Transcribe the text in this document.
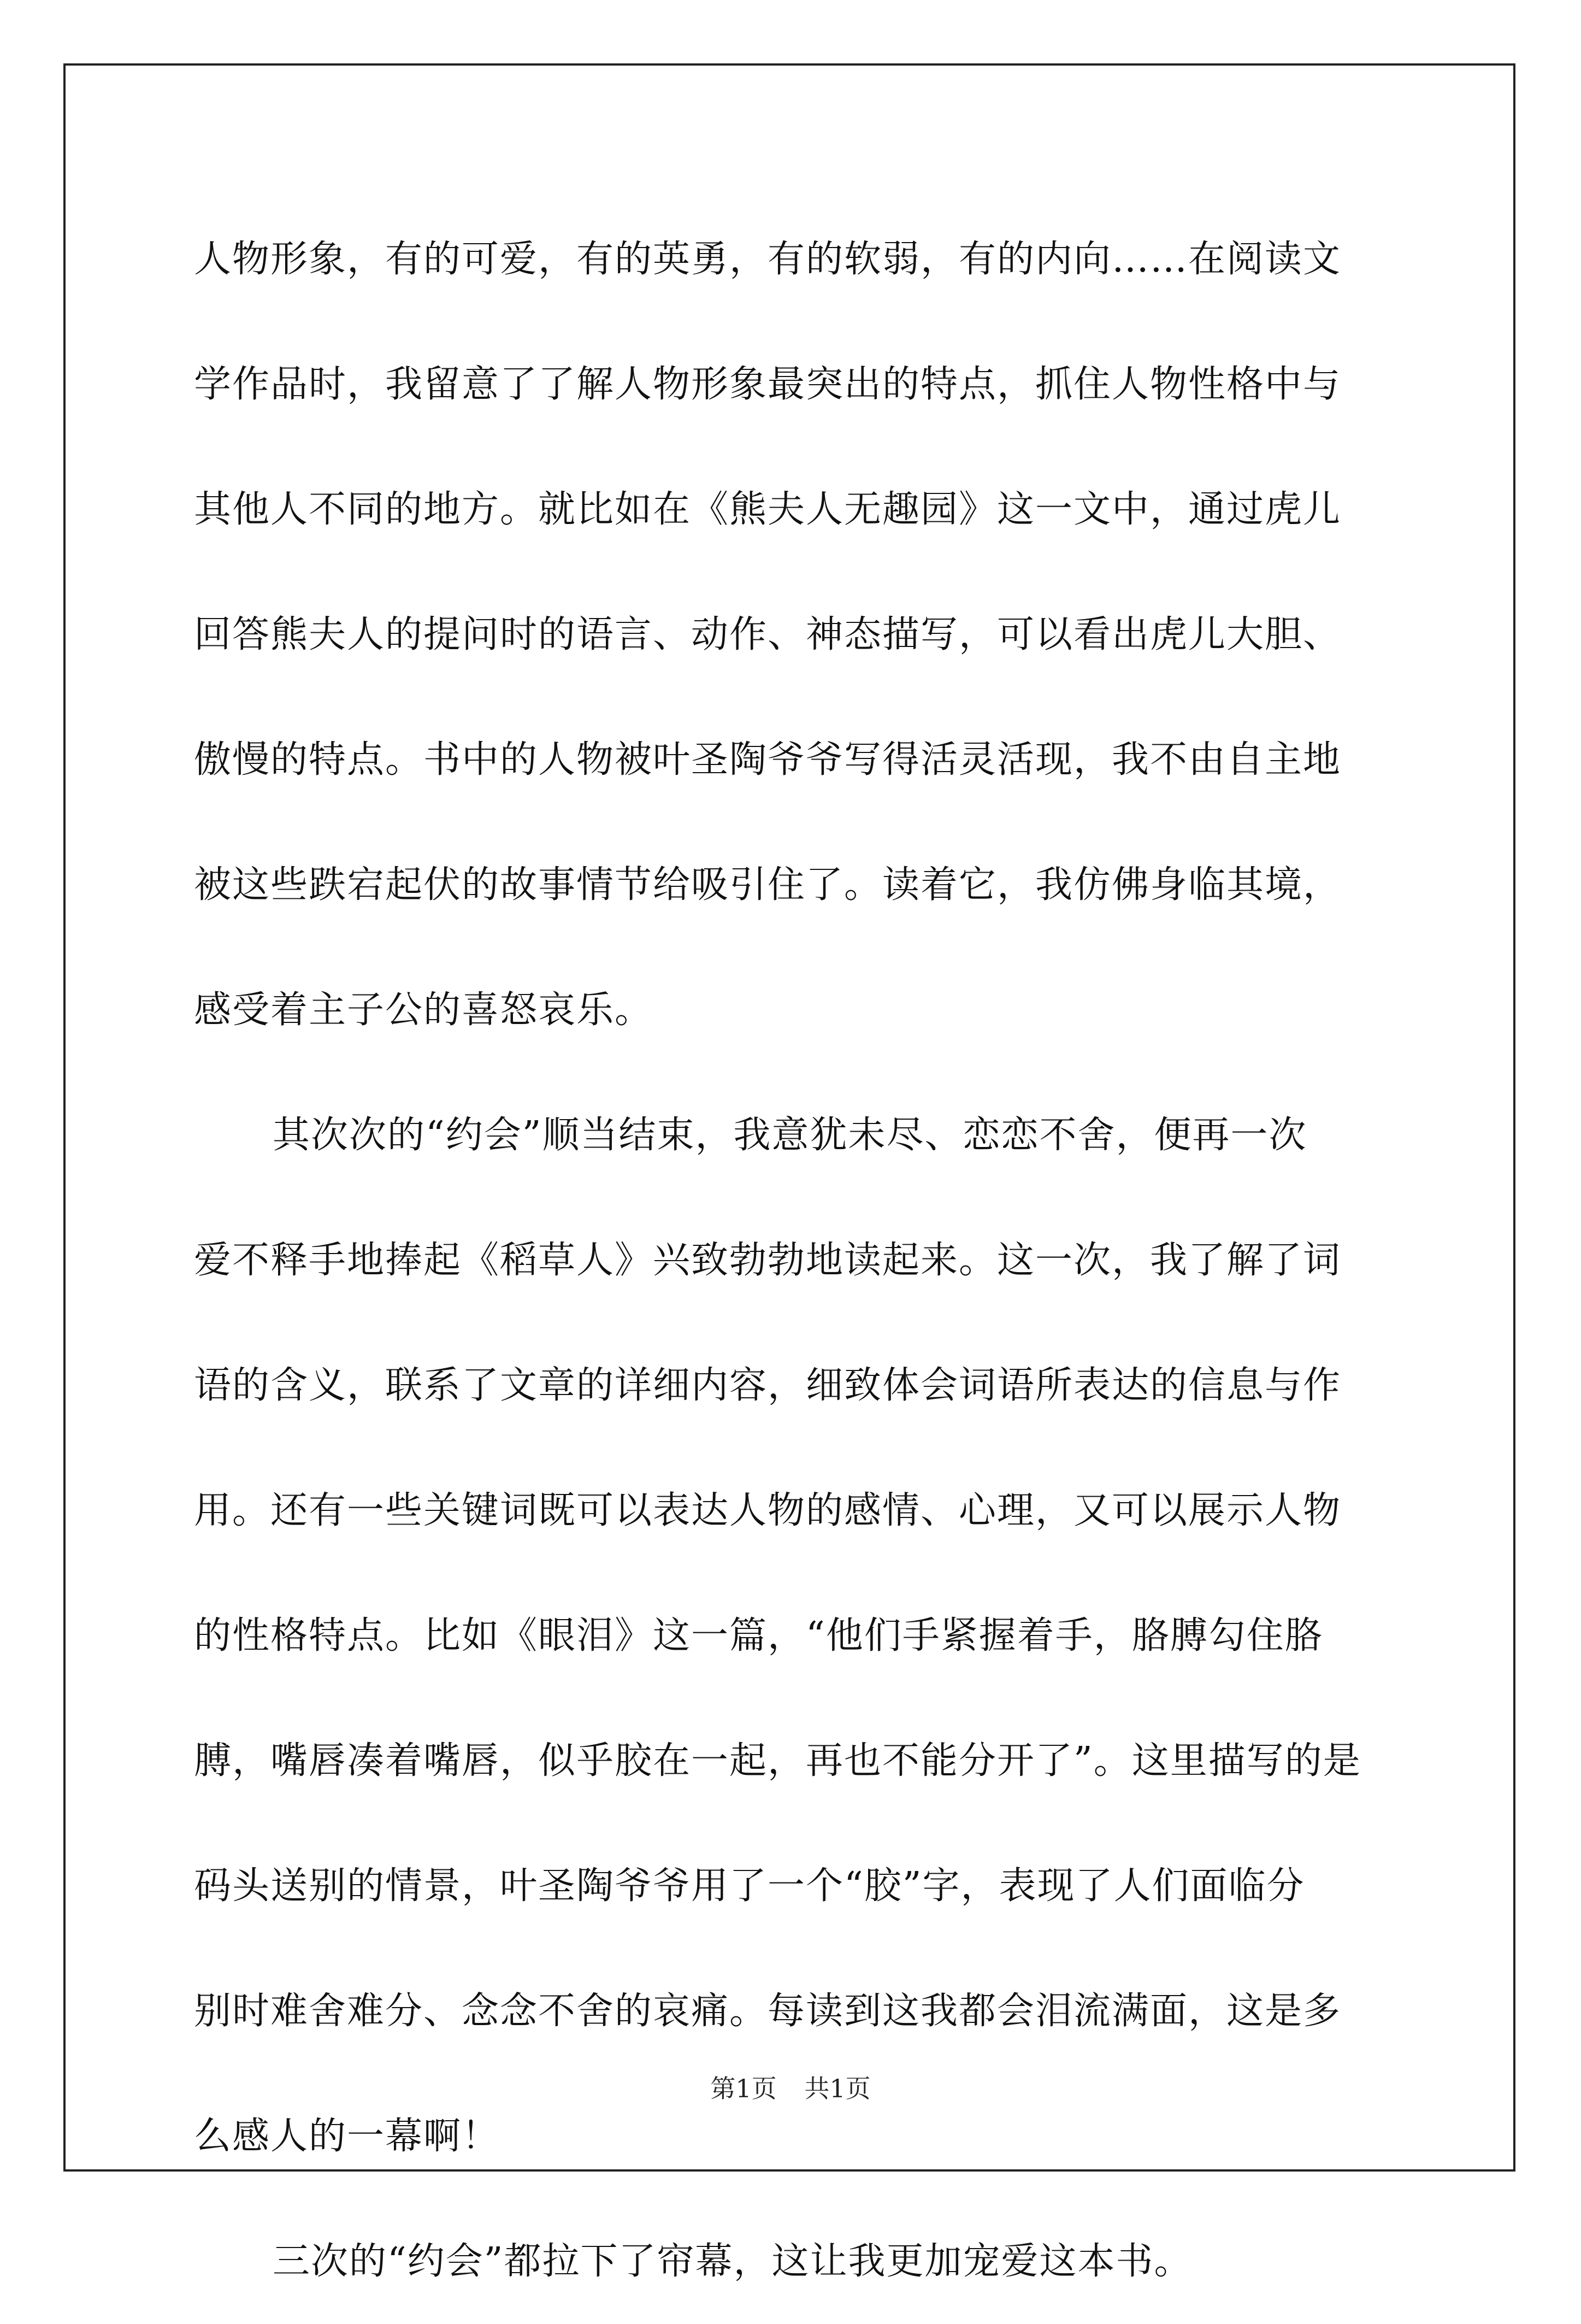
人物形象，有的可爱，有的英勇，有的软弱，有的内向……在阅读文
学作品时，我留意了了解人物形象最突出的特点，抓住人物性格中与
其他人不同的地方。就比如在《熊夫人无趣园》这一文中，通过虎儿
回答熊夫人的提问时的语言、动作、神态描写，可以看出虎儿大胆、
傲慢的特点。书中的人物被叶圣陶爷爷写得活灵活现，我不由自主地
被这些跌宕起伏的故事情节给吸引住了。读着它，我仿佛身临其境，
感受着主子公的喜怒哀乐。
其次次的“约会”顺当结束，我意犹未尽、恋恋不舍，便再一次
爱不释手地捧起《稻草人》兴致勃勃地读起来。这一次，我了解了词
语的含义，联系了文章的详细内容，细致体会词语所表达的信息与作
用。还有一些关键词既可以表达人物的感情、心理，又可以展示人物
的性格特点。比如《眼泪》这一篇，“他们手紧握着手，胳膊勾住胳
膊，嘴唇凑着嘴唇，似乎胶在一起，再也不能分开了”。这里描写的是
码头送别的情景，叶圣陶爷爷用了一个“胶”字，表现了人们面临分
别时难舍难分、念念不舍的哀痛。每读到这我都会泪流满面，这是多
么感人的一幕啊！
三次的“约会”都拉下了帘幕，这让我更加宠爱这本书。
第1页 共1页
